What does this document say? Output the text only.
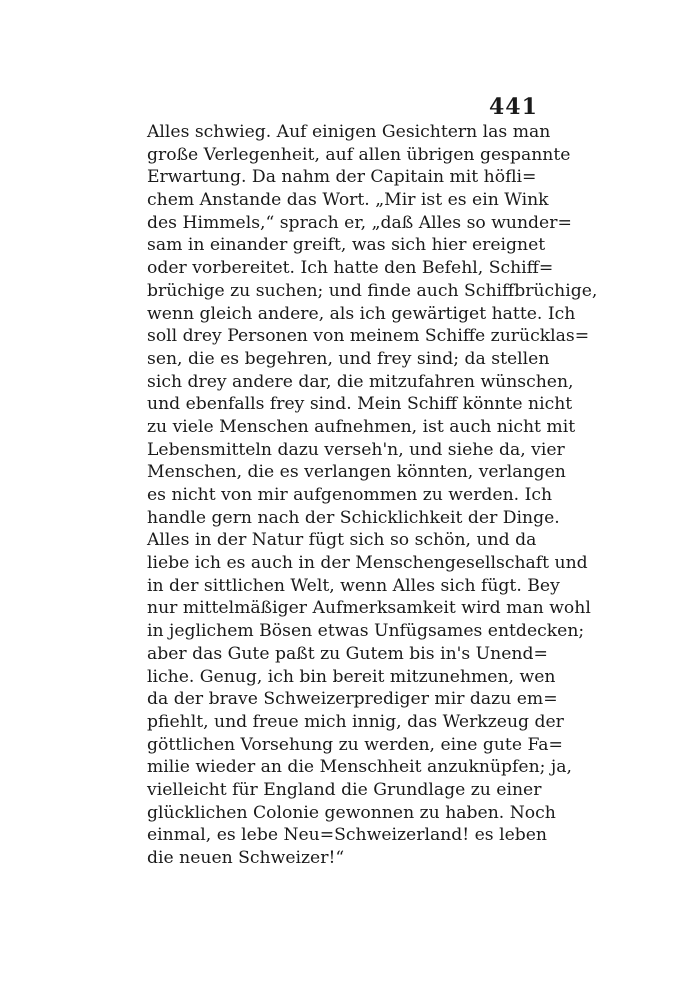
441
Alles schwieg. Auf einigen Gesichtern las man
große Verlegenheit, auf allen übrigen gespannte
Erwartung. Da nahm der Capitain mit höfli=
chem Anstande das Wort. „Mir ist es ein Wink
des Himmels,“ sprach er, „daß Alles so wunder=
sam in einander greift, was sich hier ereignet
oder vorbereitet. Ich hatte den Befehl, Schiff=
brüchige zu suchen; und finde auch Schiffbrüchige,
wenn gleich andere, als ich gewärtiget hatte. Ich
soll drey Personen von meinem Schiffe zurücklas=
sen, die es begehren, und frey sind; da stellen
sich drey andere dar, die mitzufahren wünschen,
und ebenfalls frey sind. Mein Schiff könnte nicht
zu viele Menschen aufnehmen, ist auch nicht mit
Lebensmitteln dazu verseh'n, und siehe da, vier
Menschen, die es verlangen könnten, verlangen
es nicht von mir aufgenommen zu werden. Ich
handle gern nach der Schicklichkeit der Dinge.
Alles in der Natur fügt sich so schön, und da
liebe ich es auch in der Menschengesellschaft und
in der sittlichen Welt, wenn Alles sich fügt. Bey
nur mittelmäßiger Aufmerksamkeit wird man wohl
in jeglichem Bösen etwas Unfügsames entdecken;
aber das Gute paßt zu Gutem bis in's Unend=
liche. Genug, ich bin bereit mitzunehmen, wen
da der brave Schweizerprediger mir dazu em=
pfiehlt, und freue mich innig, das Werkzeug der
göttlichen Vorsehung zu werden, eine gute Fa=
milie wieder an die Menschheit anzuknüpfen; ja,
vielleicht für England die Grundlage zu einer
glücklichen Colonie gewonnen zu haben. Noch
einmal, es lebe Neu=Schweizerland! es leben
die neuen Schweizer!“
